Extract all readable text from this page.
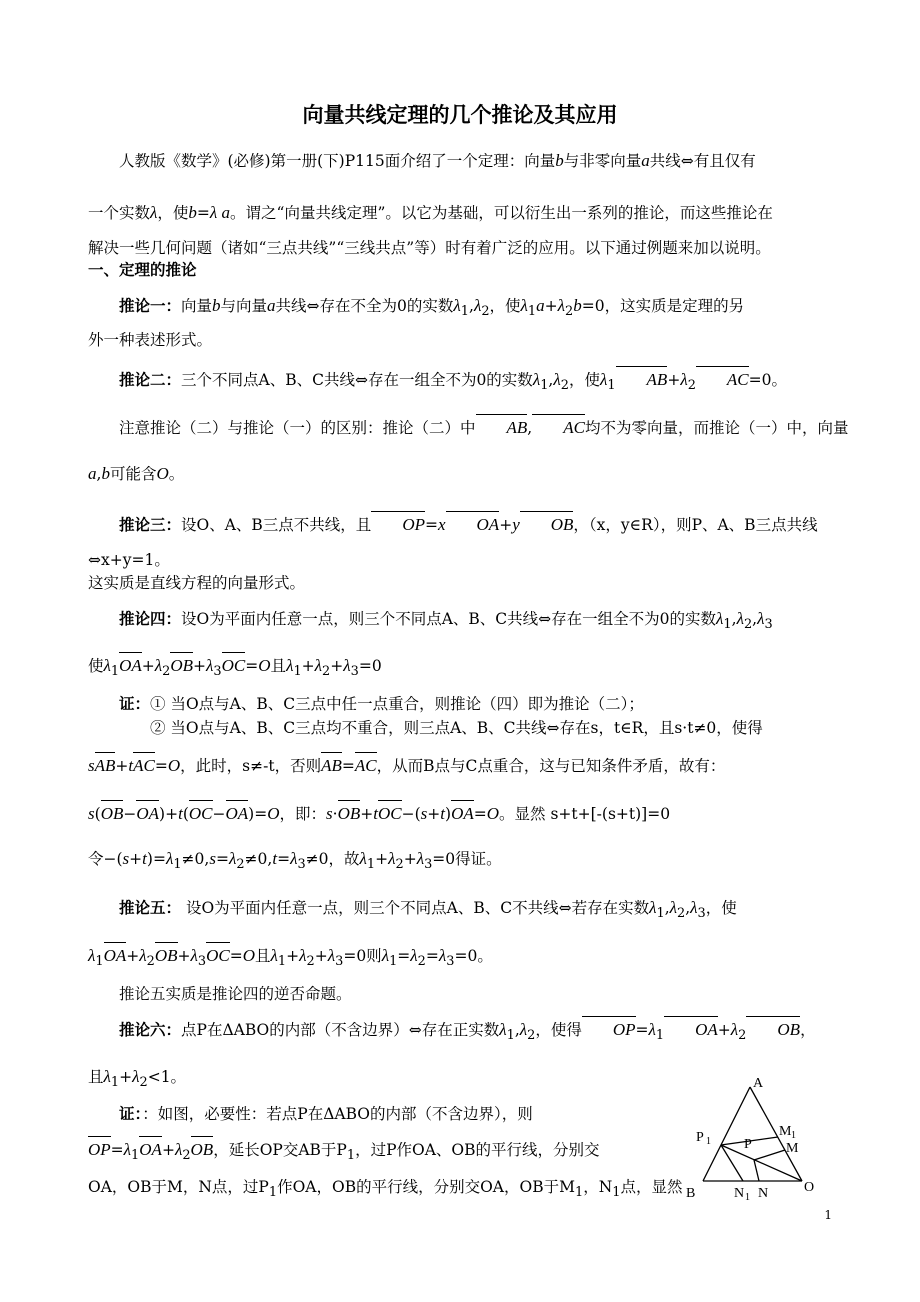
向量共线定理的几个推论及其应用
人教版《数学》(必修)第一册(下)P115面介绍了一个定理：向量b与非零向量a共线⇔有且仅有
一个实数λ，使b=λ a。谓之“向量共线定理”。以它为基础，可以衍生出一系列的推论，而这些推论在
解决一些几何问题（诸如“三点共线”“三线共点”等）时有着广泛的应用。以下通过例题来加以说明。
一、定理的推论
推论一：向量b与向量a共线⇔存在不全为0的实数$\lambda_1,\lambda_2$，使$\lambda_1a+\lambda_2b=0$，这实质是定理的另
外一种表述形式。
推论二：三个不同点A、B、C共线⇔存在一组全不为0的实数$\lambda_1,\lambda_2$，使$\lambda_1$ $AB+\lambda_2$ AC=0。
注意推论（二）与推论（一）的区别：推论（二）中 AB, AC均不为零向量，而推论（一）中，向量
a,b可能含O。
推论三：设O、A、B三点不共线，且 OP=x OA+y OB，（x，y∈R），则P、A、B三点共线
⇔x+y=1。
这实质是直线方程的向量形式。
推论四：设O为平面内任意一点，则三个不同点A、B、C共线⇔存在一组全不为0的实数$\lambda_1,\lambda_2,\lambda_3$
使$\lambda_1OA+\lambda_2OB+\lambda_3OC=O$且$\lambda_1+\lambda_2+\lambda_3=0$
证：① 当O点与A、B、C三点中任一点重合，则推论（四）即为推论（二）；
② 当O点与A、B、C三点均不重合，则三点A、B、C共线⇔存在s，t∈R，且s·t≠0，使得
sAB+tAC=O，此时，s≠-t，否则AB=AC，从而B点与C点重合，这与已知条件矛盾，故有：
s(OB−OA)+t(OC−OA)=O，即：s·OB+tOC−(s+t)OA=O。显然 s+t+[-(s+t)]=0
令$-(s+t)=\lambda_1\ne 0,s=\lambda_2\ne 0,t=\lambda_3\ne 0$，故$\lambda_1+\lambda_2+\lambda_3=0$得证。
推论五： 设O为平面内任意一点，则三个不同点A、B、C不共线⇔若存在实数$\lambda_1,\lambda_2,\lambda_3$，使
$\lambda_1OA+\lambda_2OB+\lambda_3OC=O$且$\lambda_1+\lambda_2+\lambda_3=0$则$\lambda_1=\lambda_2=\lambda_3=0$。
推论五实质是推论四的逆否命题。
推论六：点P在ΔABO的内部（不含边界）⇔存在正实数$\lambda_1,\lambda_2$，使得 $OP=\lambda_1$ $OA+\lambda_2$ OB，
且$\lambda_1+\lambda_2<1$。
证：：如图，必要性：若点P在ΔABO的内部（不含边界），则
$OP=\lambda_1OA+\lambda_2OB$，延长OP交AB于$P_1$，过P作OA、OB的平行线，分别交
OA，OB于M，N点，过$P_1$作OA，OB的平行线，分别交OA，OB于$M_1$，$N_1$点，显然
A
P 1
M 1
P M
B	N 1 N	O
1
